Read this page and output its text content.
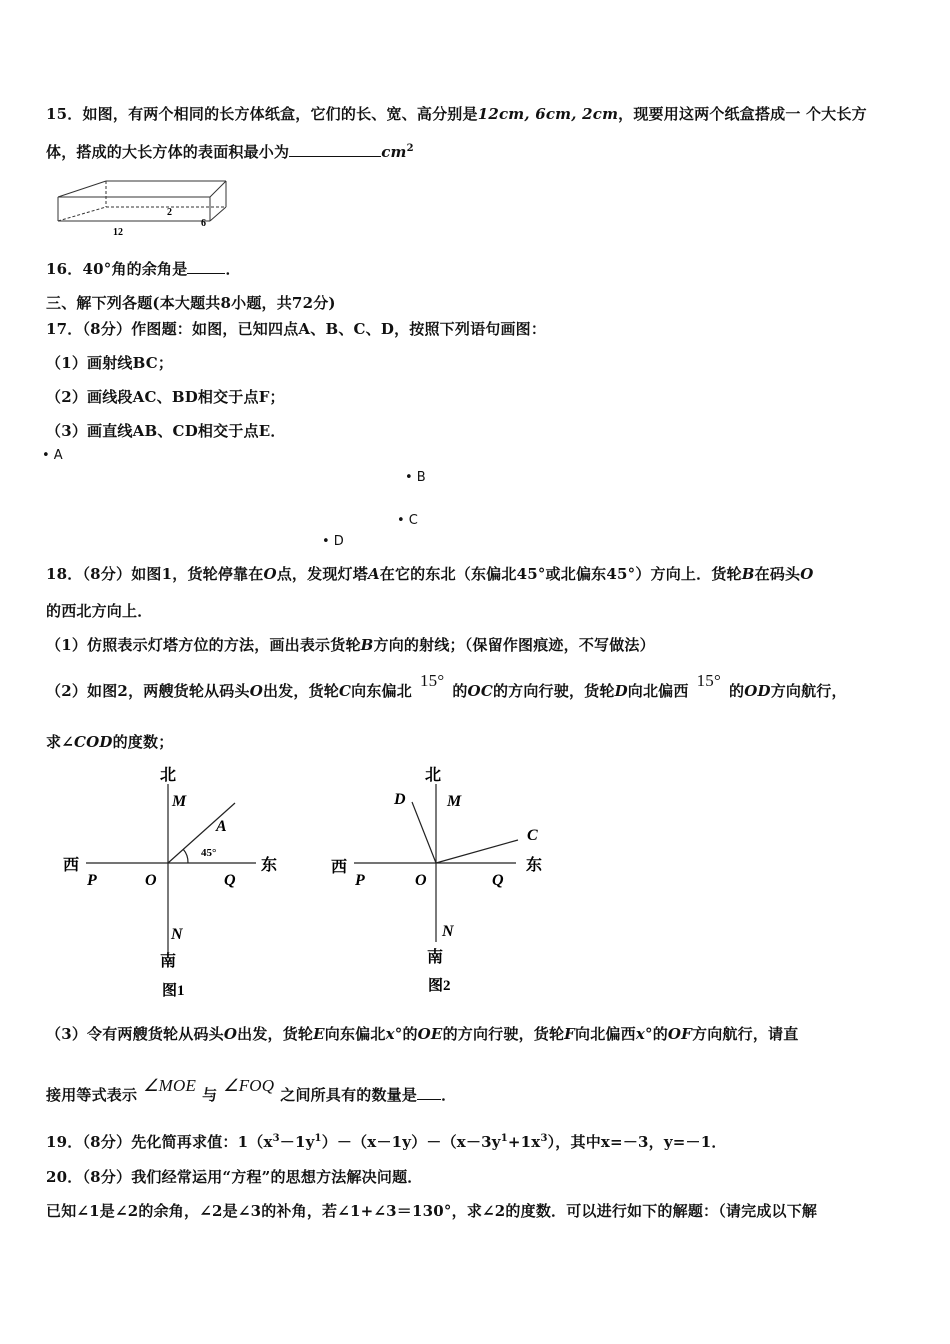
15．如图，有两个相同的长方体纸盒，它们的长、宽、高分别是12cm, 6cm, 2cm，现要用这两个纸盒搭成一 个大长方
体，搭成的大长方体的表面积最小为	$cm^2$
2
6
12
16．40°角的余角是	．
三、解下列各题(本大题共8小题，共72分)
17．（8分）作图题：如图，已知四点A、B、C、D，按照下列语句画图：
（1）画射线BC；
（2）画线段AC、BD相交于点F；
（3）画直线AB、CD相交于点E．
• A
• B
• C
• D
18．（8分）如图1，货轮停靠在O点，发现灯塔A在它的东北（东偏北45°或北偏东45°）方向上．货轮B在码头O
的西北方向上．
（1）仿照表示灯塔方位的方法，画出表示货轮B方向的射线；（保留作图痕迹，不写做法）
（2）如图2，两艘货轮从码头O出发，货轮C向东偏北15°的OC的方向行驶，货轮D向北偏西15°的OD方向航行，
求∠COD的度数；
北
M
A
45°
西
P	O	Q
东
N
南
图1
北
D	M
C
西
P	O	Q
东
N
南
图2
（3）令有两艘货轮从码头O出发，货轮E向东偏北x°的OE的方向行驶，货轮F向北偏西x°的OF方向航行，请直
接用等式表示 ∠MOE 与 ∠FOQ 之间所具有的数量是 ．
19．（8分）先化简再求值：$1(x^3-1y^1)-(x-1y)-(x-3y^1+1x^3)$，其中x=－3，y=－1．
20．（8分）我们经常运用“方程”的思想方法解决问题．
已知∠1是∠2的余角，∠2是∠3的补角，若∠1+∠3＝130°，求∠2的度数．可以进行如下的解题：（请完成以下解
